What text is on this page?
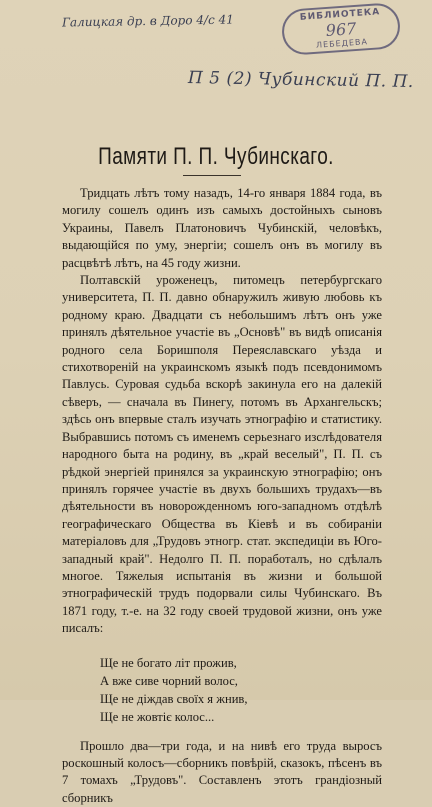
Галицкая др. в Доро 4/с 41	БИБЛИОТЕКА
967
ЛЕБЕДЕВА
П 5 (2) Чубинский П. П.
Памяти П. П. Чубинскаго.

Тридцать лѣтъ тому назадъ, 14-го января 1884 года, въ могилу сошелъ одинъ изъ самыхъ достойныхъ сыновъ Украины, Павелъ Платоновичъ Чубинскій, человѣкъ, выдающійся по уму, энергіи; сошелъ онъ въ могилу въ расцвѣтѣ лѣтъ, на 45 году жизни.

Полтавскій уроженецъ, питомецъ петербургскаго университета, П. П. давно обнаружилъ живую любовь къ родному краю. Двадцати съ небольшимъ лѣтъ онъ уже принялъ дѣятельное участіе въ „Основѣ" въ видѣ описанія родного села Боришполя Переяславскаго уѣзда и стихотвореній на украинскомъ языкѣ подъ псевдонимомъ Павлусь. Суровая судьба вскорѣ закинула его на далекій сѣверъ, — сначала въ Пинегу, потомъ въ Архангельскъ; здѣсь онъ впервые сталъ изучать этнографію и статистику. Выбравшись потомъ съ именемъ серьезнаго изслѣдователя народного быта на родину, въ „край веселый", П. П. съ рѣдкой энергіей принялся за украинскую этнографію; онъ принялъ горячее участіе въ двухъ большихъ трудахъ—въ дѣятельности въ новорожденномъ юго-западномъ отдѣлѣ географическаго Общества въ Кіевѣ и въ собираніи матеріаловъ для „Трудовъ этногр. стат. экспедиціи въ Юго-западный край". Недолго П. П. поработалъ, но сдѣлалъ многое. Тяжелыя испытанія въ жизни и большой этнографическій трудъ подорвали силы Чубинскаго. Въ 1871 году, т.-е. на 32 году своей трудовой жизни, онъ уже писалъ:

Ще не богато літ прожив,
А вже сиве чорний волос,
Ще не діждав своїх я жнив,
Ще не жовтіє колос...

Прошло два—три года, и на нивѣ его труда выросъ роскошный колосъ—сборникъ повѣрій, сказокъ, пѣсенъ въ 7 томахъ „Трудовъ". Составленъ этотъ грандіозный сборникъ
